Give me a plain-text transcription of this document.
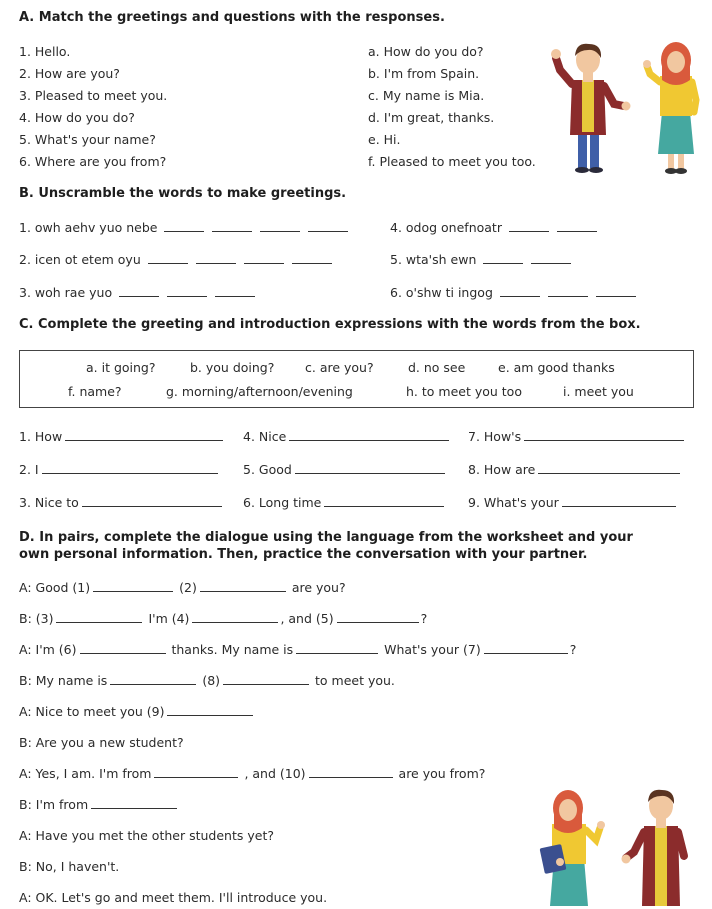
A. Match the greetings and questions with the responses.
1. Hello.
2. How are you?
3. Pleased to meet you.
4. How do you do?
5. What's your name?
6. Where are you from?
a. How do you do?
b. I'm from Spain.
c. My name is Mia.
d. I'm great, thanks.
e. Hi.
f. Pleased to meet you too.
B. Unscramble the words to make greetings.
1. owh aehv yuo nebe
2. icen ot etem oyu
3. woh rae yuo
4. odog onefnoatr
5. wta'sh ewn
6. o'shw ti ingog
C. Complete the greeting and introduction expressions with the words from the box.
a. it going?	b. you doing? c. are you?	d. no see	e. am good thanks
f. name?	g. morning/afternoon/evening	h. to meet you too	i. meet you
1. How
2. I
3. Nice to
4. Nice
5. Good
6. Long time
7. How's
8. How are
9. What's your
D. In pairs, complete the dialogue using the language from the worksheet and your
own personal information. Then, practice the conversation with your partner.
A: Good (1)	(2)	are you?
B: (3)	I'm (4)	, and (5)	?
A: I'm (6)	thanks. My name is	What's your (7)	?
B: My name is	(8)	to meet you.
A: Nice to meet you (9)
B: Are you a new student?
A: Yes, I am. I'm from	, and (10)	are you from?
B: I'm from
A: Have you met the other students yet?
B: No, I haven't.
A: OK. Let's go and meet them. I'll introduce you.
